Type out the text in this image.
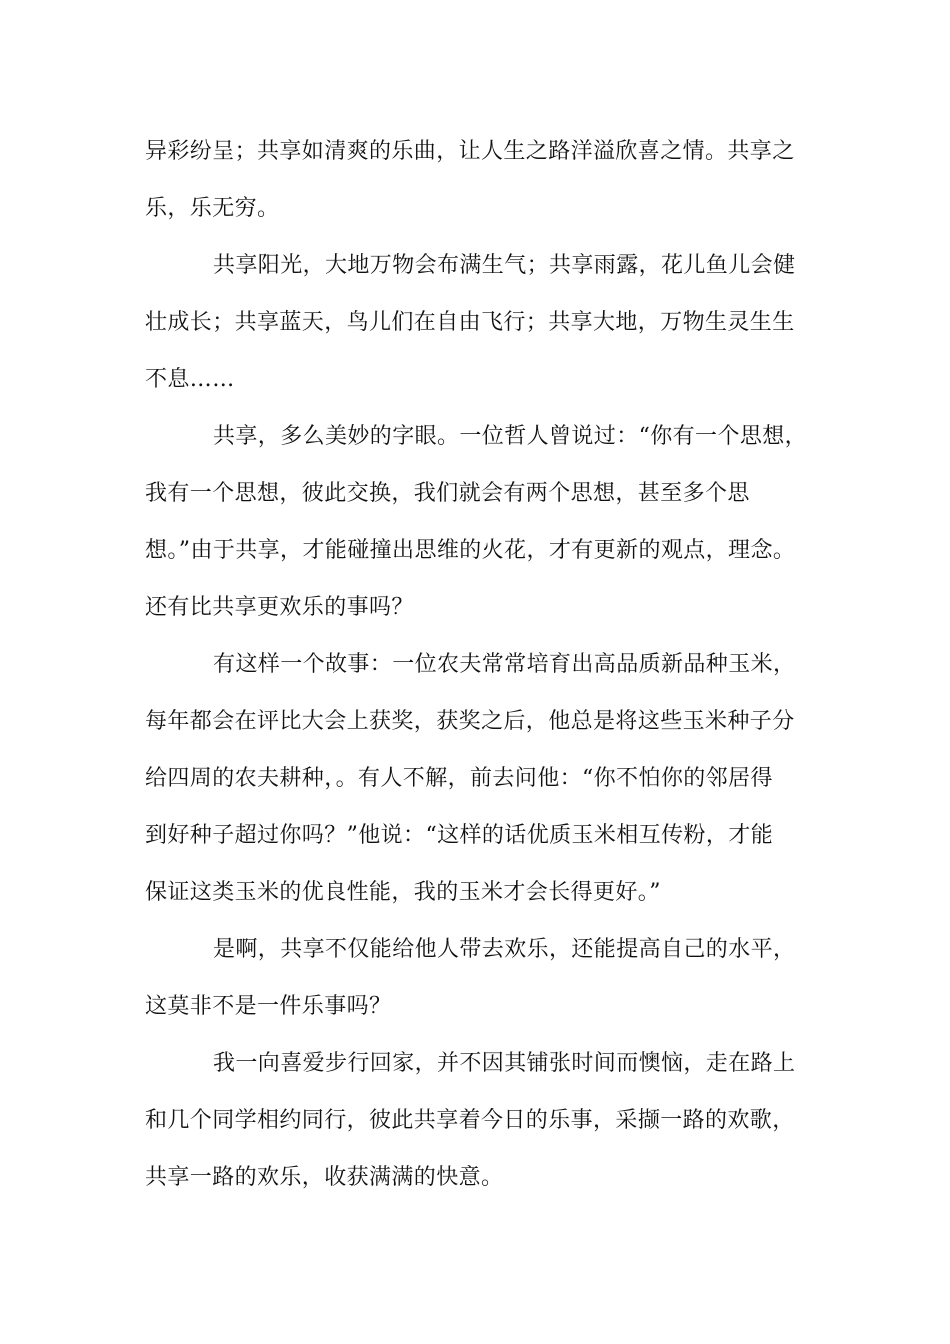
异彩纷呈；共享如清爽的乐曲，让人生之路洋溢欣喜之情。共享之
乐，乐无穷。
共享阳光，大地万物会布满生气；共享雨露，花儿鱼儿会健
壮成长；共享蓝天，鸟儿们在自由飞行；共享大地，万物生灵生生
不息……
共享，多么美妙的字眼。一位哲人曾说过：“你有一个思想，
我有一个思想，彼此交换，我们就会有两个思想，甚至多个思
想。”由于共享，才能碰撞出思维的火花，才有更新的观点，理念。
还有比共享更欢乐的事吗？
有这样一个故事：一位农夫常常培育出高品质新品种玉米，
每年都会在评比大会上获奖，获奖之后，他总是将这些玉米种子分
给四周的农夫耕种，。有人不解，前去问他：“你不怕你的邻居得
到好种子超过你吗？”他说：“这样的话优质玉米相互传粉，才能
保证这类玉米的优良性能，我的玉米才会长得更好。”
是啊，共享不仅能给他人带去欢乐，还能提高自己的水平，
这莫非不是一件乐事吗？
我一向喜爱步行回家，并不因其铺张时间而懊恼，走在路上
和几个同学相约同行，彼此共享着今日的乐事，采撷一路的欢歌，
共享一路的欢乐，收获满满的快意。
